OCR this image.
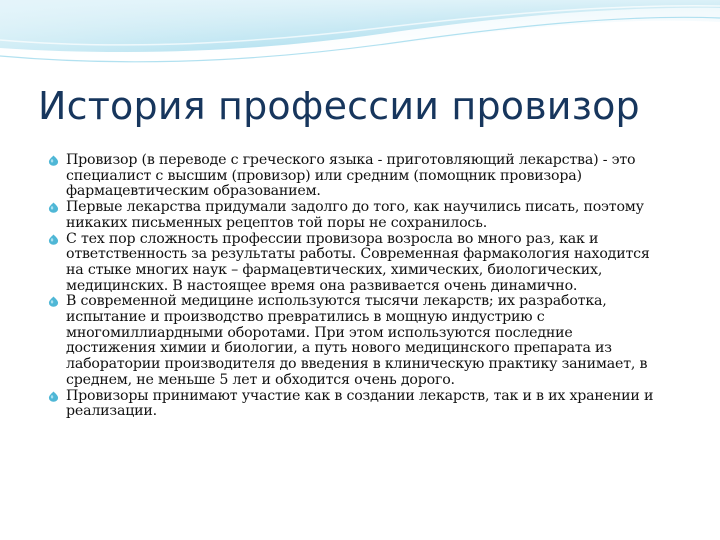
История профессии провизор
Провизор (в переводе с греческого языка - приготовляющий лекарства) - это специалист с высшим (провизор) или средним (помощник провизора) фармацевтическим образованием.
Первые лекарства придумали задолго до того, как научились писать, поэтому никаких письменных рецептов той поры не сохранилось.
С тех пор сложность профессии провизора возросла во много раз, как и ответственность за результаты работы. Современная фармакология находится на стыке многих наук – фармацевтических, химических, биологических, медицинских. В настоящее время она развивается очень динамично.
В современной медицине используются тысячи лекарств; их разработка, испытание и производство превратились в мощную индустрию с многомиллиардными оборотами. При этом используются последние достижения химии и биологии, а путь нового медицинского препарата из лаборатории производителя до введения в клиническую практику занимает, в среднем, не меньше 5 лет и обходится очень дорого.
Провизоры принимают участие как в создании лекарств, так и в их хранении и реализации.
